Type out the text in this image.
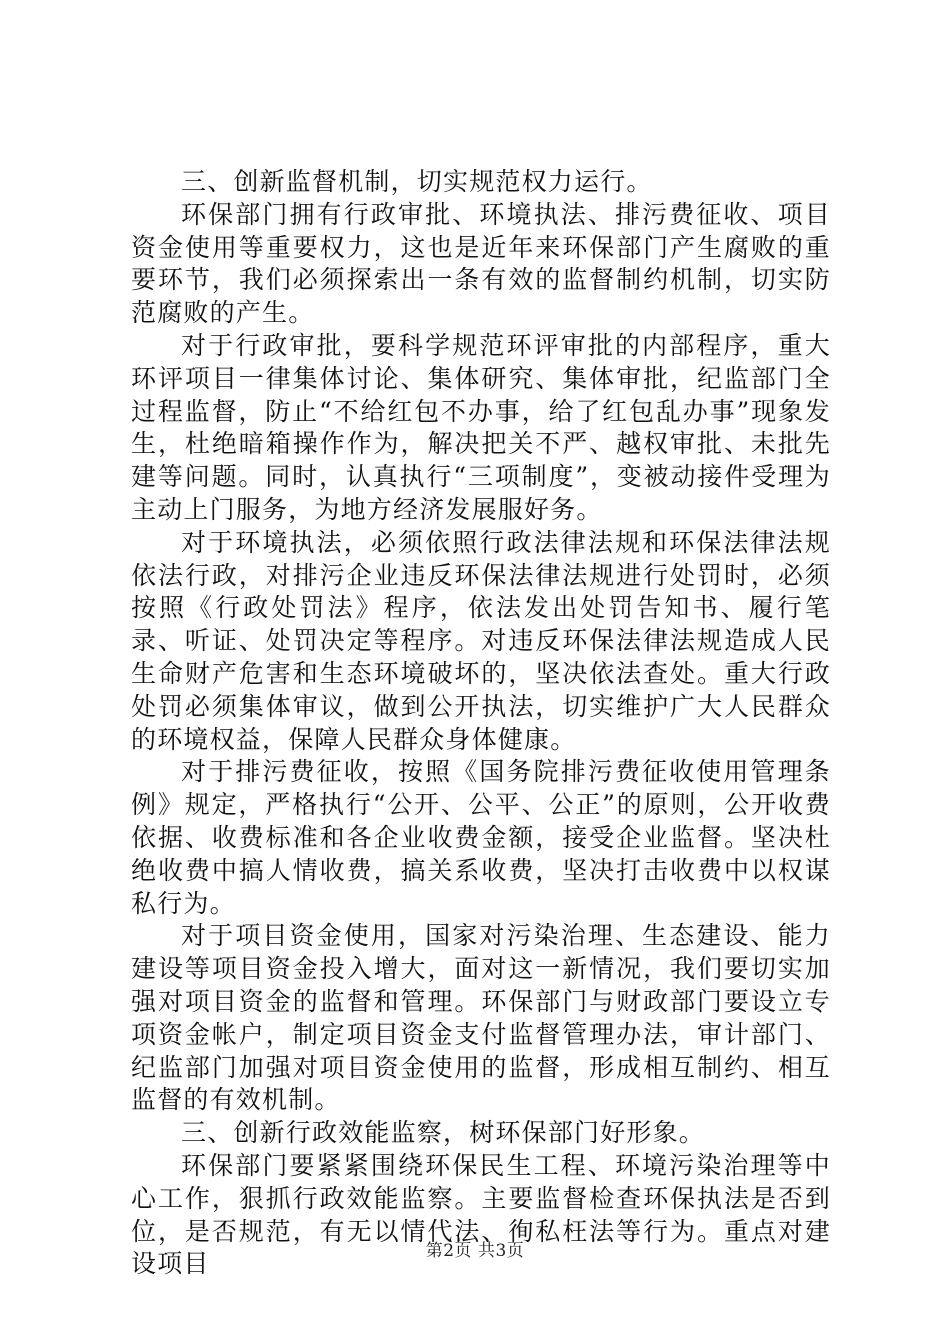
三、创新监督机制，切实规范权力运行。

环保部门拥有行政审批、环境执法、排污费征收、项目资金使用等重要权力，这也是近年来环保部门产生腐败的重要环节，我们必须探索出一条有效的监督制约机制，切实防范腐败的产生。

对于行政审批，要科学规范环评审批的内部程序，重大环评项目一律集体讨论、集体研究、集体审批，纪监部门全过程监督，防止“不给红包不办事，给了红包乱办事”现象发生，杜绝暗箱操作作为，解决把关不严、越权审批、未批先建等问题。同时，认真执行“三项制度”，变被动接件受理为主动上门服务，为地方经济发展服好务。

对于环境执法，必须依照行政法律法规和环保法律法规依法行政，对排污企业违反环保法律法规进行处罚时，必须按照《行政处罚法》程序，依法发出处罚告知书、履行笔录、听证、处罚决定等程序。对违反环保法律法规造成人民生命财产危害和生态环境破坏的，坚决依法查处。重大行政处罚必须集体审议，做到公开执法，切实维护广大人民群众的环境权益，保障人民群众身体健康。

对于排污费征收，按照《国务院排污费征收使用管理条例》规定，严格执行“公开、公平、公正”的原则，公开收费依据、收费标准和各企业收费金额，接受企业监督。坚决杜绝收费中搞人情收费，搞关系收费，坚决打击收费中以权谋私行为。

对于项目资金使用，国家对污染治理、生态建设、能力建设等项目资金投入增大，面对这一新情况，我们要切实加强对项目资金的监督和管理。环保部门与财政部门要设立专项资金帐户，制定项目资金支付监督管理办法，审计部门、纪监部门加强对项目资金使用的监督，形成相互制约、相互监督的有效机制。

三、创新行政效能监察，树环保部门好形象。

环保部门要紧紧围绕环保民生工程、环境污染治理等中心工作，狠抓行政效能监察。主要监督检查环保执法是否到位，是否规范，有无以情代法、徇私枉法等行为。重点对建设项目	第2页 共3页
